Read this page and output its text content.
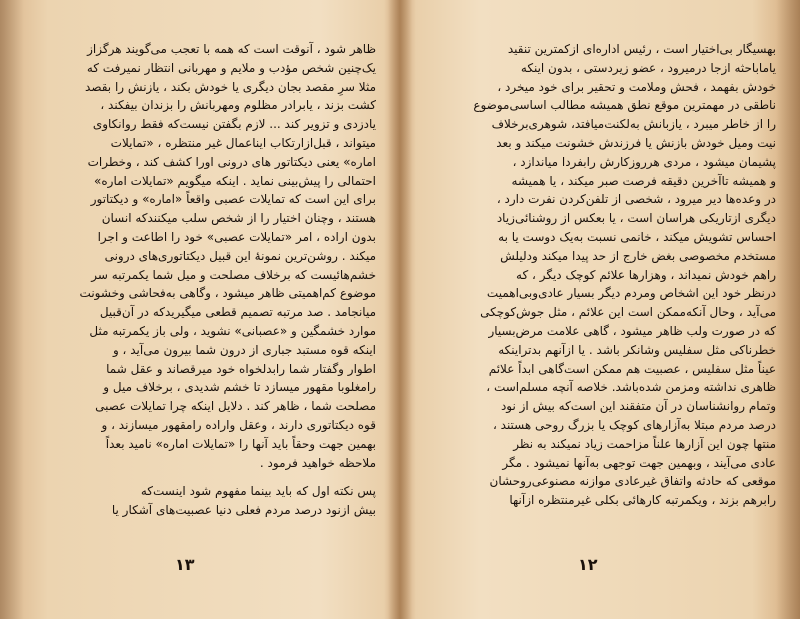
ظاهر شود ، آنوقت است که همه با تعجب می‌گویند هرگزاز
یک‌چنین شخص مؤدب و ملایم و مهربانی انتظار نمیرفت که
مثلا سرِ مقصد بجان دیگری یا خودش بکند ، یازنش را بقصد
کشت بزند ، یابرادر مظلوم ومهربانش را بزندان بیفکند ،
یادزدی و تزویر کند ... لازم بگفتن نیست‌که فقط روانکاوی
میتواند ، قبل‌ازارتکاب اینا‌عمال غیر منتظره ، «تمایلات
اماره» یعنی دیکتاتور های درونی اورا کشف کند ، وخطرات
احتمالی را پیش‌بینی نماید . اینکه میگویم «تمایلات اماره»
برای این است که تمایلات عصبی واقعاً «اماره» و دیکتاتور
هستند ، وچنان اختیار را از شخص سلب میکنندکه انسان
بدون اراده ، امر «تمایلات عصبی» خود را اطاعت و اجرا
میکند . روشن‌ترین نمونهٔ این قبیل دیکتاتوری‌های درونی
خشم‌هائیست که برخلاف مصلحت و میل شما یکمرتبه سر
موضوع کم‌اهمیتی ظاهر میشود ، وگاهی به‌فحاشی وخشونت
میانجامد . صد مرتبه تصمیم قطعی میگیریدکه در آن‌قبیل
موارد خشمگین و «عصبانی» نشوید ، ولی باز یکمرتبه مثل
اینکه قوه مستبد جباری از درون شما بیرون می‌آید ، و
اطوار وگفتار شما رابدلخواه خود میرقصاند و عقل شما
رامغلوبا مقهور میسازد تا خشم شدیدی ، برخلاف میل و
مصلحت شما ، ظاهر کند . دلایل اینکه چرا تمایلات عصبی
قوه دیکتاتوری دارند ، وعقل واراده رامقهور میسازند ، و
بهمین جهت وحقاً باید آنها را «تمایلات اماره» نامید بعداً
ملاحظه خواهید فرمود .
پس نکته اول که باید بینما مفهوم شود اینست‌که
بیش ازنود درصد مردم فعلی دنیا عصبیت‌های آشکار یا
۱۳
بهسیگار بی‌اختیار است ، رئیس اداره‌ای ازکمترین تنقید
یاما‌باحثه ازجا درمیرود ، عضو زیردستی ، بدون اینکه
خودش بفهمد ، فحش وملامت و تحقیر برای خود میخرد ،
ناطقی در مهمترین موقع نطق همیشه مطالب اساسی‌موضوع
را از خاطر میبرد ، یازبانش به‌لکنت‌میافتد، شوهری‌برخلاف
نیت ومیل خودش بازنش یا فرزندش خشونت میکند و بعد
پشیمان میشود ، مردی هرروزکارش رابفردا میاندازد ،
و همیشه تاآخرین دقیقه فرصت صبر میکند ، یا همیشه
در وعده‌ها دیر میرود ، شخصی از تلفن‌کردن نفرت دارد ،
دیگری ازتاریکی هراسان است ، یا بعکس از روشنائی‌زیاد
احساس تشویش میکند ، خانمی نسبت به‌یک دوست یا به
مستخدم مخصوصی بغض خارج از حد پیدا میکند ودلیلش
راهم خودش نمیداند ، وهزارها علائم کوچک دیگر ، که
درنظر خود این اشخاص ومردم دیگر بسیار عادی‌وبی‌اهمیت
می‌آید ، وحال آنکه‌ممکن است این علائم ، مثل جوش‌کوچکی
که در صورت ولب ظاهر میشود ، گاهی علامت مرض‌بسیار
خطرناکی مثل سفلیس وشانکر باشد . یا ازآنهم بدتراینکه
عیناً مثل سفلیس ، عصبیت هم ممکن است‌گاهی ابداً علائم
ظاهری نداشته ومزمن شده‌باشد. خلاصه آنچه مسلم‌است ،
وتمام روانشناسان در آن متفقند این است‌که بیش از نود
درصد مردم مبتلا به‌آزارهای کوچک یا بزرگ روحی هستند ،
منتها چون این آزارها علناً مزاحمت زیاد نمیکند به نظر
عادی می‌آیند ، وبهمین جهت توجهی به‌آنها نمیشود . مگر
موقعی که حادثه واتفاق غیرعادی موازنه مصنوعی‌روحشان
رابرهم بزند ، ویکمرتبه کارهائی بکلی غیرمنتظره ازآنها
۱۲
